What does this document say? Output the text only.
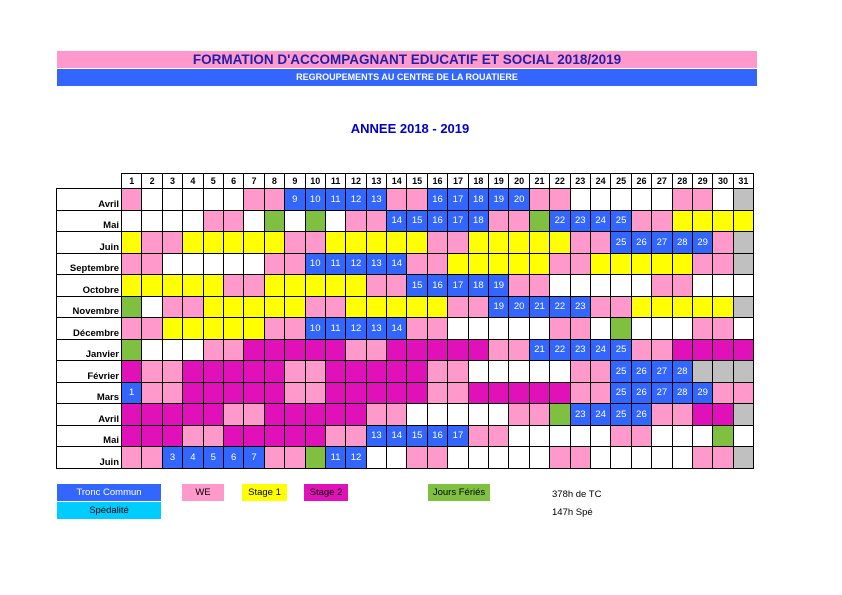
FORMATION D'ACCOMPAGNANT EDUCATIF ET SOCIAL 2018/2019
REGROUPEMENTS AU CENTRE DE LA ROUATIERE
ANNEE 2018 - 2019
	1	2	3	4	5	6	7	8	9	10	11	12	13	14	15	16	17	18	19	20	21	22	23	24	25	26	27	28	29	30	31
Avril									9	10	11	12	13			16	17	18	19	20											
Mai														14	15	16	17	18				22	23	24	25						
Juin																									25	26	27	28	29		
Septembre										10	11	12	13	14																	
Octobre															15	16	17	18	19												
Novembre																			19	20	21	22	23								
Décembre										10	11	12	13	14																	
Janvier																					21	22	23	24	25						
Février																									25	26	27	28			
Mars	1																								25	26	27	28	29		
Avril																							23	24	25	26					
Mai													13	14	15	16	17														
Juin			3	4	5	6	7				11	12																			
Tronc Commun
Spédalité
WE	Stage 1	Stage 2	Jours Fériés	378h de TC
147h Spé
